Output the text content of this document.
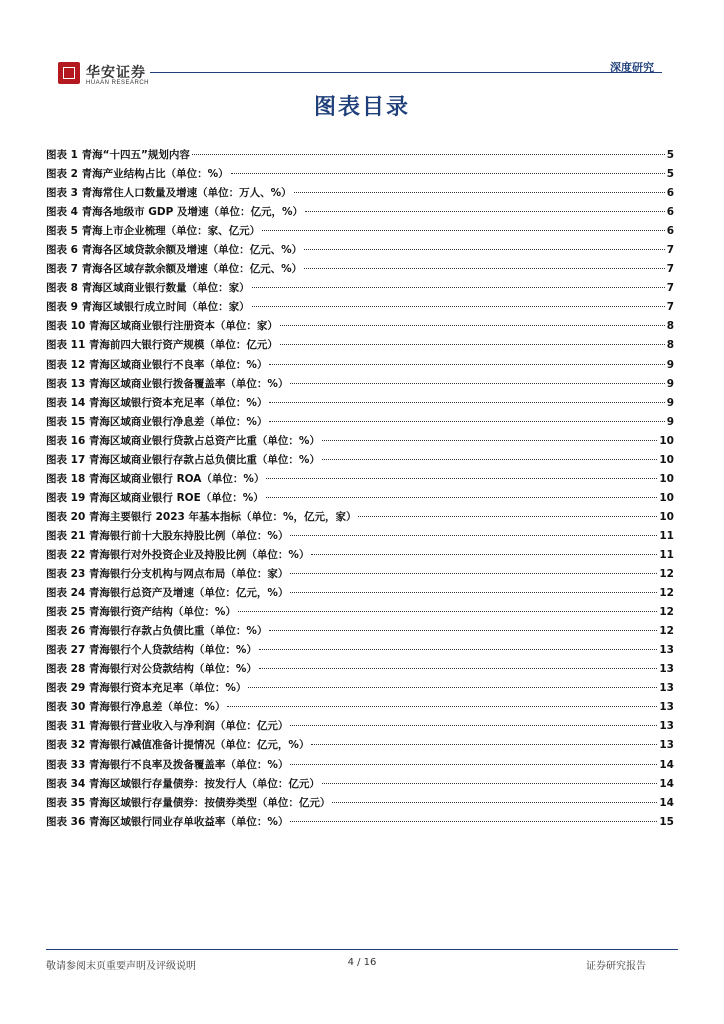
华安证券
HUAAN RESEARCH
深度研究
图表目录
图表 1 青海“十四五”规划内容	5
图表 2 青海产业结构占比（单位：%）	5
图表 3 青海常住人口数量及增速（单位：万人、%）	6
图表 4 青海各地级市 GDP 及增速（单位：亿元，%）	6
图表 5 青海上市企业梳理（单位：家、亿元）	6
图表 6 青海各区域贷款余额及增速（单位：亿元、%）	7
图表 7 青海各区域存款余额及增速（单位：亿元、%）	7
图表 8 青海区域商业银行数量（单位：家）	7
图表 9 青海区域银行成立时间（单位：家）	7
图表 10 青海区域商业银行注册资本（单位：家）	8
图表 11 青海前四大银行资产规模（单位：亿元）	8
图表 12 青海区域商业银行不良率（单位：%）	9
图表 13 青海区域商业银行拨备覆盖率（单位：%）	9
图表 14 青海区域银行资本充足率（单位：%）	9
图表 15 青海区域商业银行净息差（单位：%）	9
图表 16 青海区域商业银行贷款占总资产比重（单位：%）	10
图表 17 青海区域商业银行存款占总负债比重（单位：%）	10
图表 18 青海区域商业银行 ROA（单位：%）	10
图表 19 青海区域商业银行 ROE（单位：%）	10
图表 20 青海主要银行 2023 年基本指标（单位：%，亿元，家）	10
图表 21 青海银行前十大股东持股比例（单位：%）	11
图表 22 青海银行对外投资企业及持股比例（单位：%）	11
图表 23 青海银行分支机构与网点布局（单位：家）	12
图表 24 青海银行总资产及增速（单位：亿元，%）	12
图表 25 青海银行资产结构（单位：%）	12
图表 26 青海银行存款占负债比重（单位：%）	12
图表 27 青海银行个人贷款结构（单位：%）	13
图表 28 青海银行对公贷款结构（单位：%）	13
图表 29 青海银行资本充足率（单位：%）	13
图表 30 青海银行净息差（单位：%）	13
图表 31 青海银行营业收入与净利润（单位：亿元）	13
图表 32 青海银行减值准备计提情况（单位：亿元，%）	13
图表 33 青海银行不良率及拨备覆盖率（单位：%）	14
图表 34 青海区域银行存量债券：按发行人（单位：亿元）	14
图表 35 青海区域银行存量债券：按债券类型（单位：亿元）	14
图表 36 青海区域银行同业存单收益率（单位：%）	15
敬请参阅末页重要声明及评级说明	4 / 16	证券研究报告
